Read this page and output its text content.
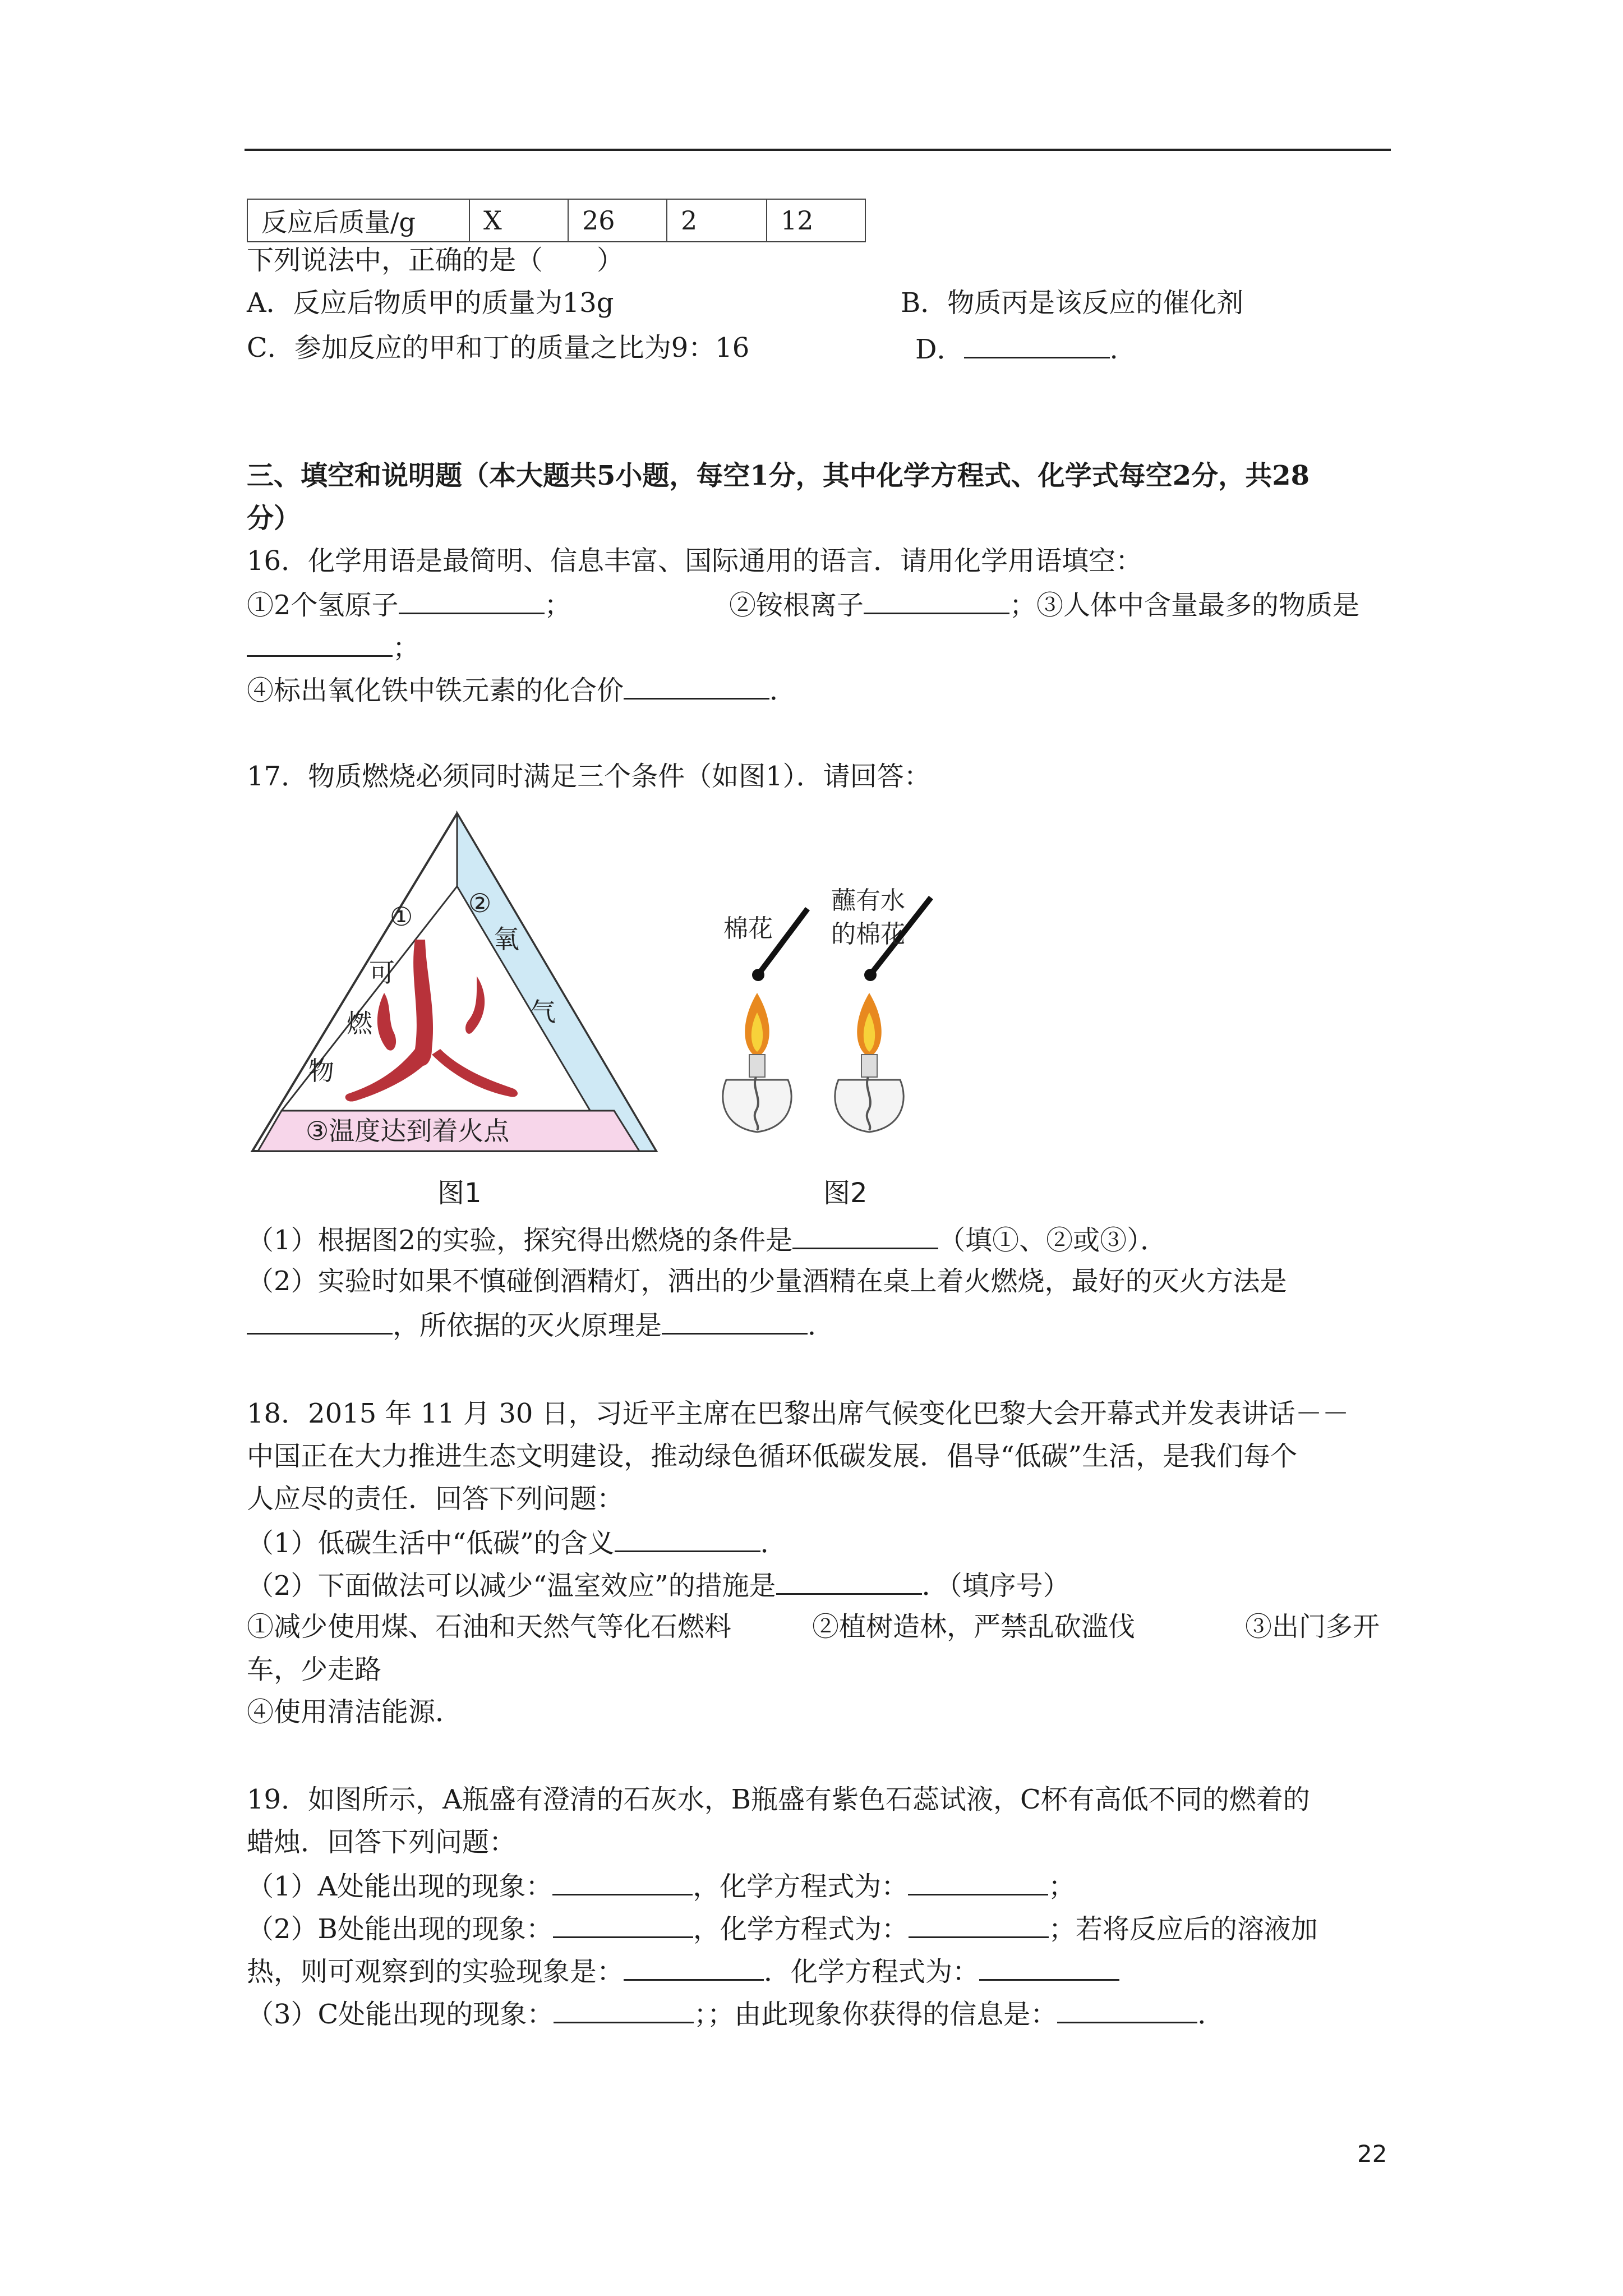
反应后质量/g	X	26	2	12
下列说法中，正确的是（　　）
A．反应后物质甲的质量为13g	B．物质丙是该反应的催化剂
C．参加反应的甲和丁的质量之比为9：16	D．	.
三、填空和说明题（本大题共5小题，每空1分，其中化学方程式、化学式每空2分，共28
分）
16．化学用语是最简明、信息丰富、国际通用的语言．请用化学用语填空：
①2个氢原子	；	②铵根离子	；③人体中含量最多的物质是
；
④标出氧化铁中铁元素的化合价	．
17．物质燃烧必须同时满足三个条件（如图1）．请回答：
①
可
燃
物
②
氧
气
③温度达到着火点
图1
棉花
蘸有水
的棉花
图2
（1）根据图2的实验，探究得出燃烧的条件是	（填①、②或③）．
（2）实验时如果不慎碰倒酒精灯，洒出的少量酒精在桌上着火燃烧，最好的灭火方法是
，所依据的灭火原理是	．
18．2015 年 11 月 30 日，习近平主席在巴黎出席气候变化巴黎大会开幕式并发表讲话－－
中国正在大力推进生态文明建设，推动绿色循环低碳发展．倡导“低碳”生活，是我们每个
人应尽的责任．回答下列问题：
（1）低碳生活中“低碳”的含义	．
（2）下面做法可以减少“温室效应”的措施是	．（填序号）
①减少使用煤、石油和天然气等化石燃料	②植树造林，严禁乱砍滥伐	③出门多开
车，少走路
④使用清洁能源．
19．如图所示，A瓶盛有澄清的石灰水，B瓶盛有紫色石蕊试液，C杯有高低不同的燃着的
蜡烛．回答下列问题：
（1）A处能出现的现象：	，化学方程式为：	；
（2）B处能出现的现象：	，化学方程式为：	；若将反应后的溶液加
热，则可观察到的实验现象是：	．化学方程式为：
（3）C处能出现的现象：	；；由此现象你获得的信息是：	．
22
